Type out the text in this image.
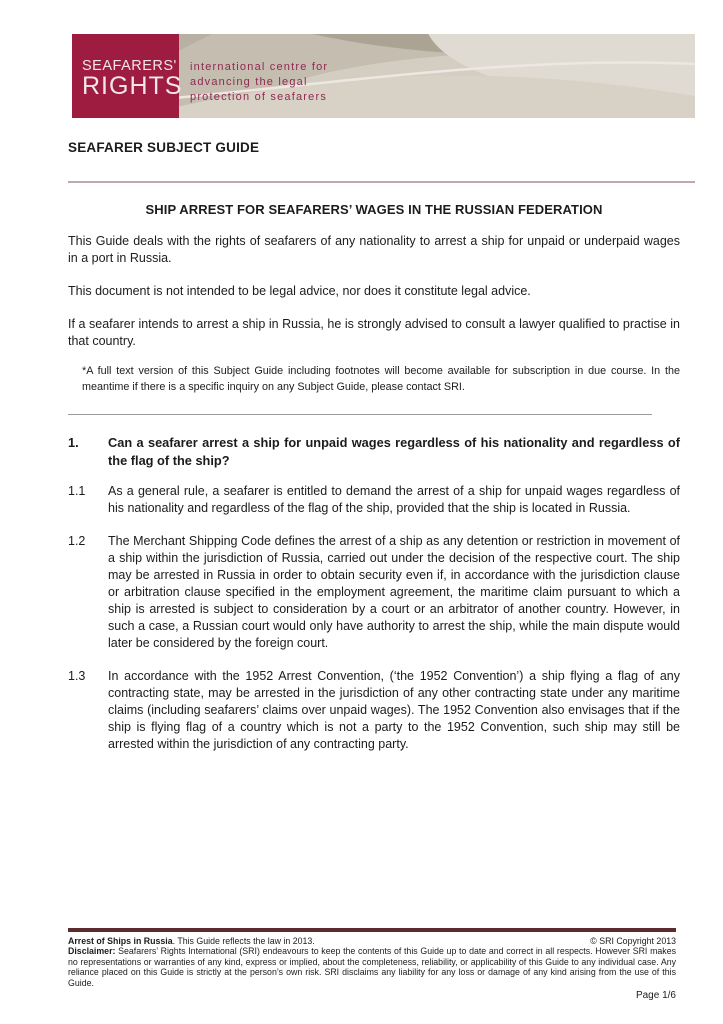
SEAFARERS'
RIGHTS
international centre for
advancing the legal
protection of seafarers
SEAFARER SUBJECT GUIDE
SHIP ARREST FOR SEAFARERS’ WAGES IN THE RUSSIAN FEDERATION

This Guide deals with the rights of seafarers of any nationality to arrest a ship for unpaid or underpaid wages in a port in Russia.

This document is not intended to be legal advice, nor does it constitute legal advice.

If a seafarer intends to arrest a ship in Russia, he is strongly advised to consult a lawyer qualified to practise in that country.

*A full text version of this Subject Guide including footnotes will become available for subscription in due course. In the meantime if there is a specific inquiry on any Subject Guide, please contact SRI.

1. Can a seafarer arrest a ship for unpaid wages regardless of his nationality and regardless of the flag of the ship?
1.1 As a general rule, a seafarer is entitled to demand the arrest of a ship for unpaid wages regardless of his nationality and regardless of the flag of the ship, provided that the ship is located in Russia.
1.2 The Merchant Shipping Code defines the arrest of a ship as any detention or restriction in movement of a ship within the jurisdiction of Russia, carried out under the decision of the respective court. The ship may be arrested in Russia in order to obtain security even if, in accordance with the jurisdiction clause or arbitration clause specified in the employment agreement, the maritime claim pursuant to which a ship is arrested is subject to consideration by a court or an arbitrator of another country. However, in such a case, a Russian court would only have authority to arrest the ship, while the main dispute would later be considered by the foreign court.
1.3 In accordance with the 1952 Arrest Convention, (‘the 1952 Convention’) a ship flying a flag of any contracting state, may be arrested in the jurisdiction of any other contracting state under any maritime claims (including seafarers’ claims over unpaid wages). The 1952 Convention also envisages that if the ship is flying flag of a country which is not a party to the 1952 Convention, such ship may still be arrested within the jurisdiction of any contracting party.
Arrest of Ships in Russia. This Guide reflects the law in 2013.	© SRI Copyright 2013
Disclaimer: Seafarers’ Rights International (SRI) endeavours to keep the contents of this Guide up to date and correct in all respects. However SRI makes no representations or warranties of any kind, express or implied, about the completeness, reliability, or applicability of this Guide to any individual case. Any reliance placed on this Guide is strictly at the person’s own risk. SRI disclaims any liability for any loss or damage of any kind arising from the use of this Guide.
Page 1/6
